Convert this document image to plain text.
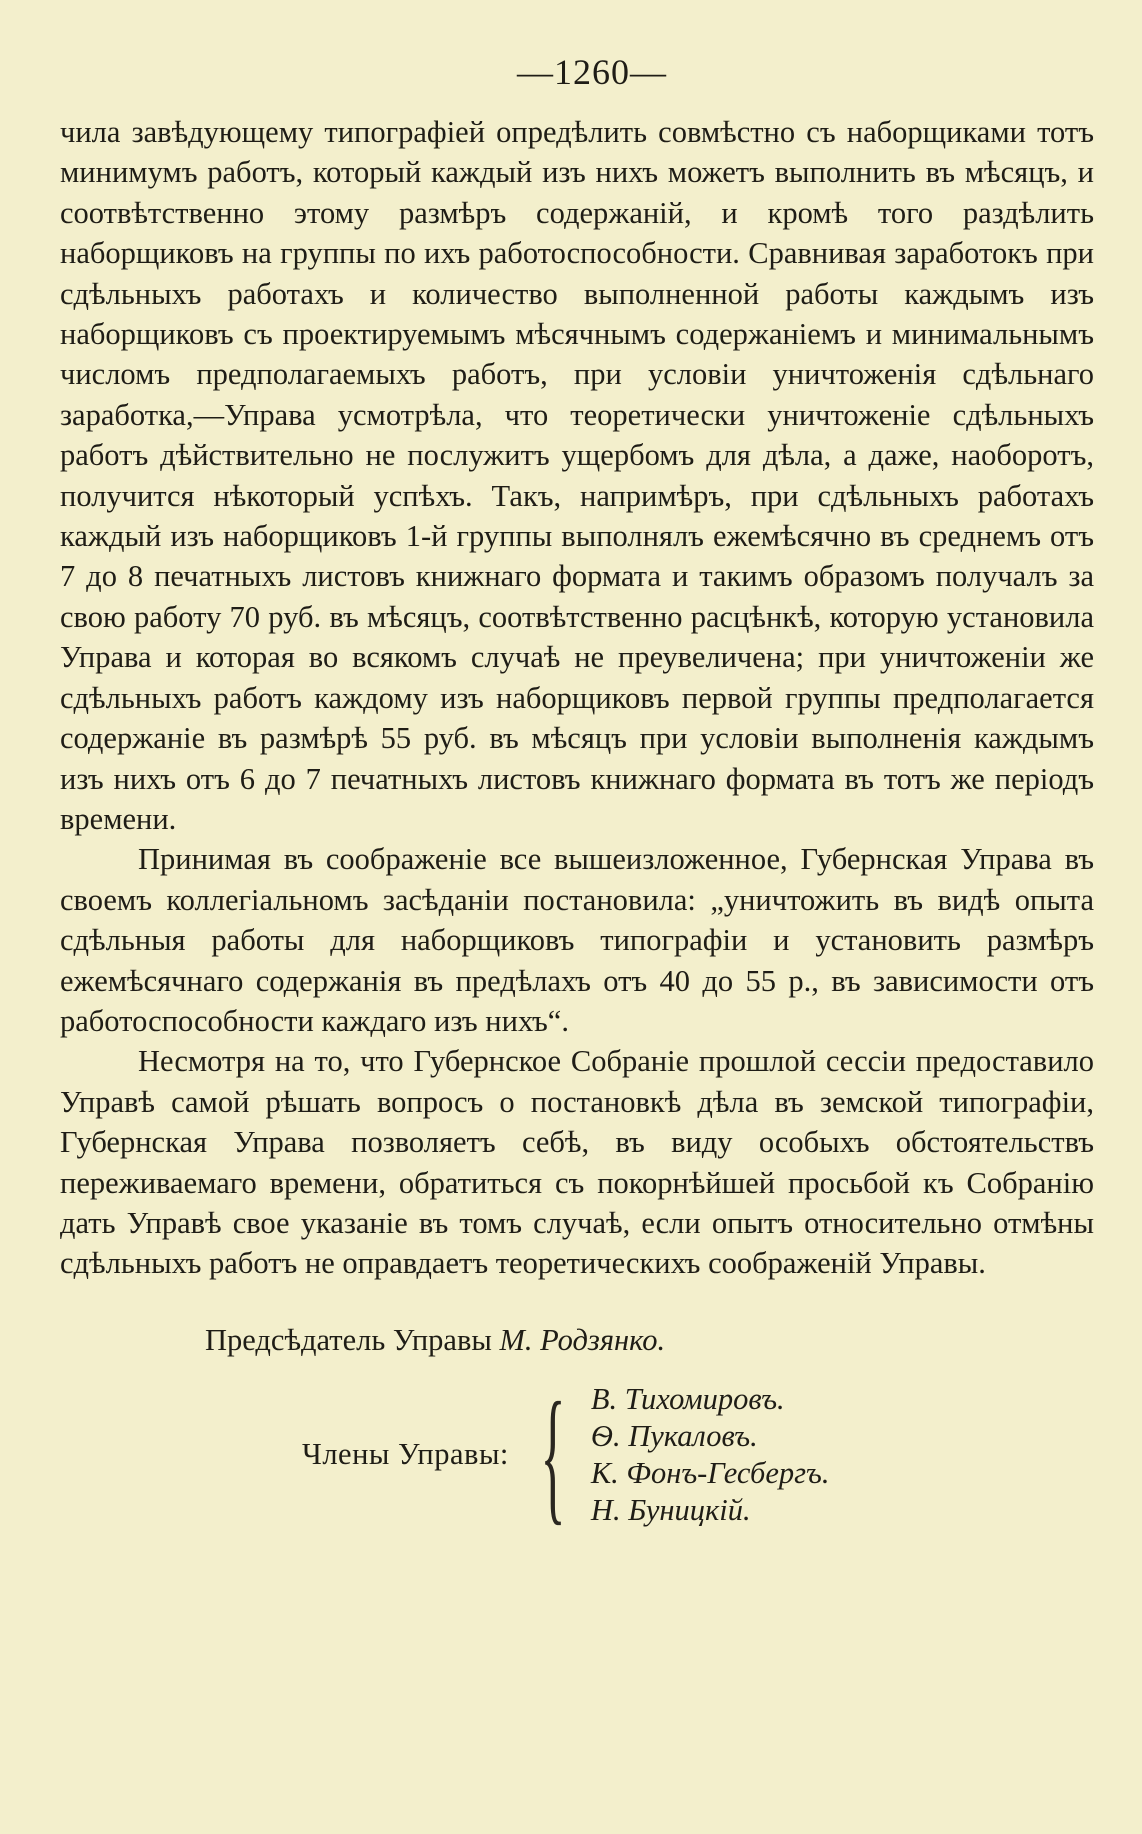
—1260—

чила завѣдующему типографіей опредѣлить совмѣстно съ наборщиками тотъ минимумъ работъ, который каждый изъ нихъ можетъ выполнить въ мѣсяцъ, и соотвѣтственно этому размѣръ содержаній, и кромѣ того раздѣлить наборщиковъ на группы по ихъ работоспособности. Сравнивая заработокъ при сдѣльныхъ работахъ и количество выполненной работы каждымъ изъ наборщиковъ съ проектируемымъ мѣсячнымъ содержаніемъ и минимальнымъ числомъ предполагаемыхъ работъ, при условіи уничтоженія сдѣльнаго заработка,—Управа усмотрѣла, что теоретически уничтоженіе сдѣльныхъ работъ дѣйствительно не послужитъ ущербомъ для дѣла, а даже, наоборотъ, получится нѣкоторый успѣхъ. Такъ, напримѣръ, при сдѣльныхъ работахъ каждый изъ наборщиковъ 1-й группы выполнялъ ежемѣсячно въ среднемъ отъ 7 до 8 печатныхъ листовъ книжнаго формата и такимъ образомъ получалъ за свою работу 70 руб. въ мѣсяцъ, соотвѣтственно расцѣнкѣ, которую установила Управа и которая во всякомъ случаѣ не преувеличена; при уничтоженіи же сдѣльныхъ работъ каждому изъ наборщиковъ первой группы предполагается содержаніе въ размѣрѣ 55 руб. въ мѣсяцъ при условіи выполненія каждымъ изъ нихъ отъ 6 до 7 печатныхъ листовъ книжнаго формата въ тотъ же періодъ времени.

Принимая въ соображеніе все вышеизложенное, Губернская Управа въ своемъ коллегіальномъ засѣданіи постановила: „уничтожить въ видѣ опыта сдѣльныя работы для наборщиковъ типографіи и установить размѣръ ежемѣсячнаго содержанія въ предѣлахъ отъ 40 до 55 р., въ зависимости отъ работоспособности каждаго изъ нихъ“.

Несмотря на то, что Губернское Собраніе прошлой сессіи предоставило Управѣ самой рѣшать вопросъ о постановкѣ дѣла въ земской типографіи, Губернская Управа позволяетъ себѣ, въ виду особыхъ обстоятельствъ переживаемаго времени, обратиться съ покорнѣйшей просьбой къ Собранію дать Управѣ свое указаніе въ томъ случаѣ, если опытъ относительно отмѣны сдѣльныхъ работъ не оправдаетъ теоретическихъ соображеній Управы.

Предсѣдатель Управы М. Родзянко.
Члены Управы: { В. Тихомировъ.
Ѳ. Пукаловъ.
К. Фонъ-Гесбергъ.
Н. Буницкій.
